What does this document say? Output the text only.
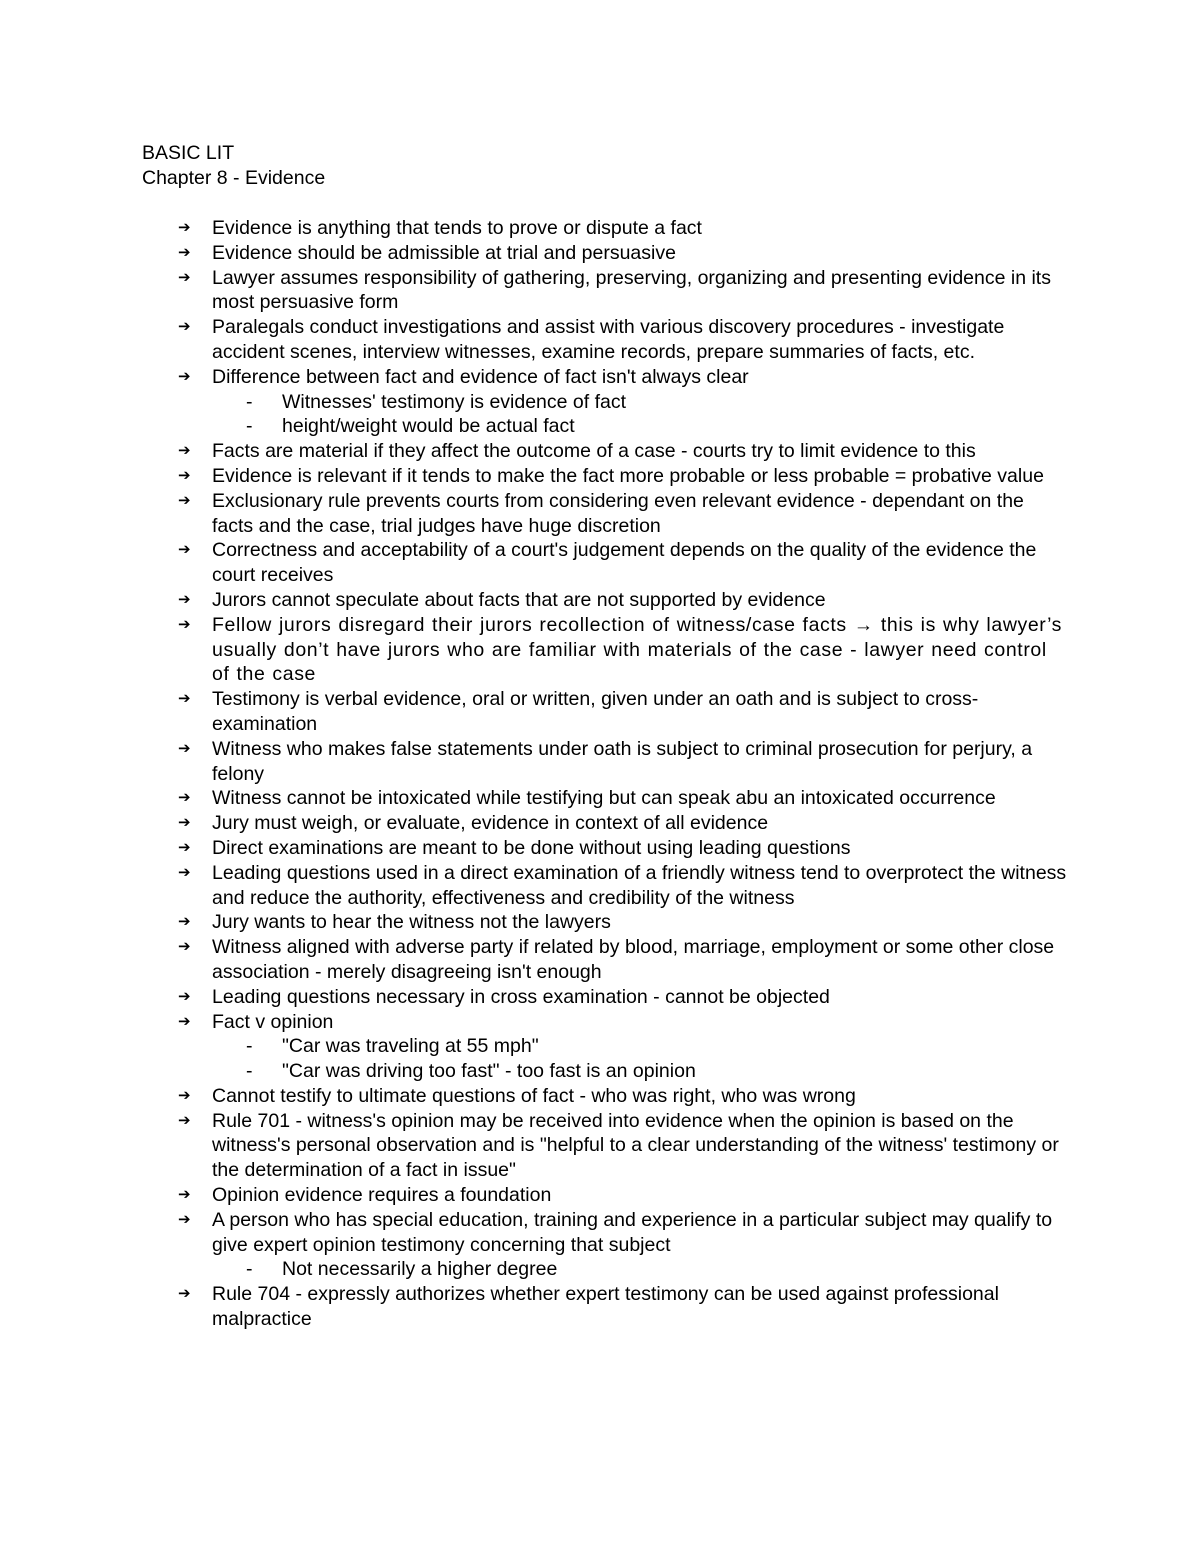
BASIC LIT
Chapter 8 - Evidence
➔	Evidence is anything that tends to prove or dispute a fact
➔	Evidence should be admissible at trial and persuasive
➔	Lawyer assumes responsibility of gathering, preserving, organizing and presenting evidence in its most persuasive form
➔	Paralegals conduct investigations and assist with various discovery procedures - investigate accident scenes, interview witnesses, examine records, prepare summaries of facts, etc.
➔	Difference between fact and evidence of fact isn't always clear
- Witnesses' testimony is evidence of fact
- height/weight would be actual fact
➔	Facts are material if they affect the outcome of a case - courts try to limit evidence to this
➔	Evidence is relevant if it tends to make the fact more probable or less probable = probative value
➔	Exclusionary rule prevents courts from considering even relevant evidence - dependant on the facts and the case, trial judges have huge discretion
➔	Correctness and acceptability of a court's judgement depends on the quality of the evidence the court receives
➔	Jurors cannot speculate about facts that are not supported by evidence
➔	Fellow jurors disregard their jurors recollection of witness/case facts → this is why lawyer’s usually don’t have jurors who are familiar with materials of the case - lawyer need control of the case
➔	Testimony is verbal evidence, oral or written, given under an oath and is subject to cross-examination
➔	Witness who makes false statements under oath is subject to criminal prosecution for perjury, a felony
➔	Witness cannot be intoxicated while testifying but can speak abu an intoxicated occurrence
➔	Jury must weigh, or evaluate, evidence in context of all evidence
➔	Direct examinations are meant to be done without using leading questions
➔	Leading questions used in a direct examination of a friendly witness tend to overprotect the witness and reduce the authority, effectiveness and credibility of the witness
➔	Jury wants to hear the witness not the lawyers
➔	Witness aligned with adverse party if related by blood, marriage, employment or some other close association - merely disagreeing isn't enough
➔	Leading questions necessary in cross examination - cannot be objected
➔	Fact v opinion
- "Car was traveling at 55 mph"
- "Car was driving too fast" - too fast is an opinion
➔	Cannot testify to ultimate questions of fact - who was right, who was wrong
➔	Rule 701 - witness's opinion may be received into evidence when the opinion is based on the witness's personal observation and is "helpful to a clear understanding of the witness' testimony or the determination of a fact in issue"
➔	Opinion evidence requires a foundation
➔	A person who has special education, training and experience in a particular subject may qualify to give expert opinion testimony concerning that subject
- Not necessarily a higher degree
➔	Rule 704 - expressly authorizes whether expert testimony can be used against professional malpractice
